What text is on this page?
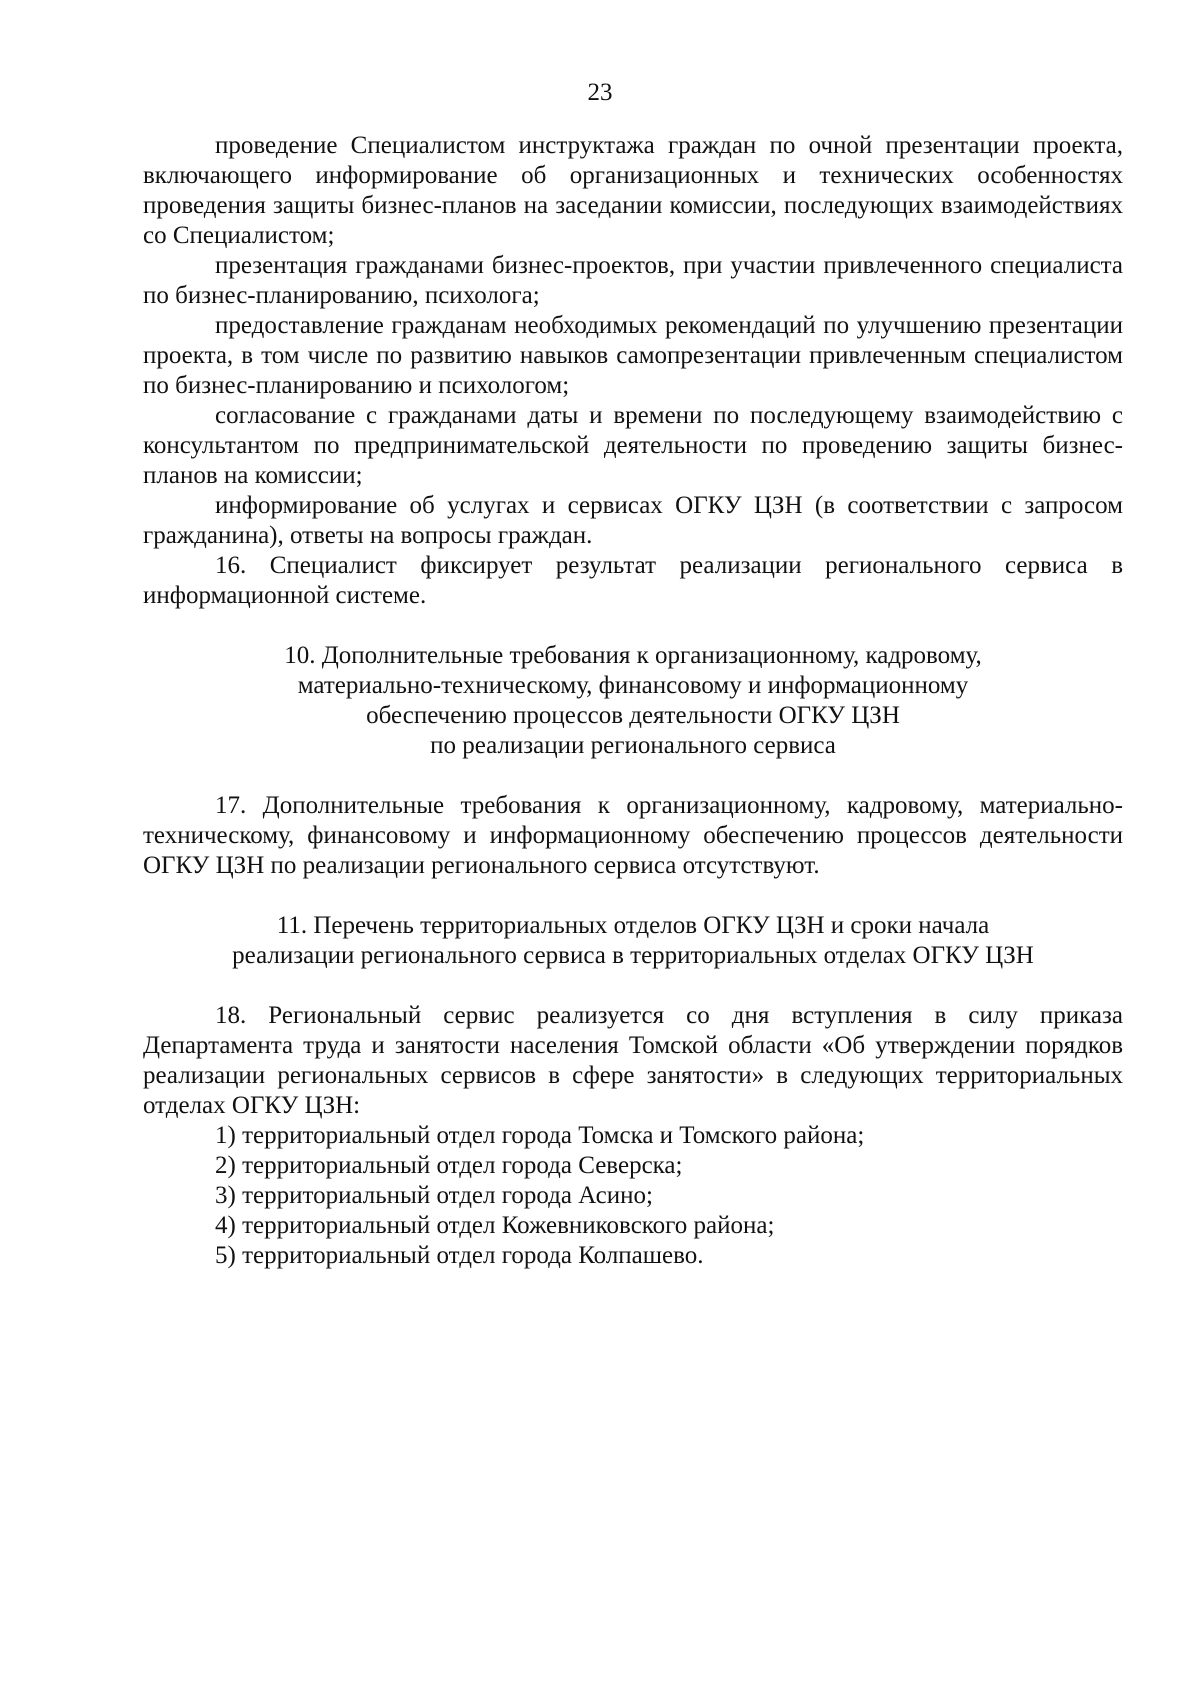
23

проведение Специалистом инструктажа граждан по очной презентации проекта, включающего информирование об организационных и технических особенностях проведения защиты бизнес-планов на заседании комиссии, последующих взаимодействиях со Специалистом;

презентация гражданами бизнес-проектов, при участии привлеченного специалиста по бизнес-планированию, психолога;

предоставление гражданам необходимых рекомендаций по улучшению презентации проекта, в том числе по развитию навыков самопрезентации привлеченным специалистом по бизнес-планированию и психологом;

согласование с гражданами даты и времени по последующему взаимодействию с консультантом по предпринимательской деятельности по проведению защиты бизнес-планов на комиссии;

информирование об услугах и сервисах ОГКУ ЦЗН (в соответствии с запросом гражданина), ответы на вопросы граждан.

16. Специалист фиксирует результат реализации регионального сервиса в информационной системе.

10. Дополнительные требования к организационному, кадровому,
материально-техническому, финансовому и информационному
обеспечению процессов деятельности ОГКУ ЦЗН
по реализации регионального сервиса

17. Дополнительные требования к организационному, кадровому, материально-техническому, финансовому и информационному обеспечению процессов деятельности ОГКУ ЦЗН по реализации регионального сервиса отсутствуют.

11. Перечень территориальных отделов ОГКУ ЦЗН и сроки начала
реализации регионального сервиса в территориальных отделах ОГКУ ЦЗН

18. Региональный сервис реализуется со дня вступления в силу приказа Департамента труда и занятости населения Томской области «Об утверждении порядков реализации региональных сервисов в сфере занятости» в следующих территориальных отделах ОГКУ ЦЗН:

1) территориальный отдел города Томска и Томского района;

2) территориальный отдел города Северска;

3) территориальный отдел города Асино;

4) территориальный отдел Кожевниковского района;

5) территориальный отдел города Колпашево.
